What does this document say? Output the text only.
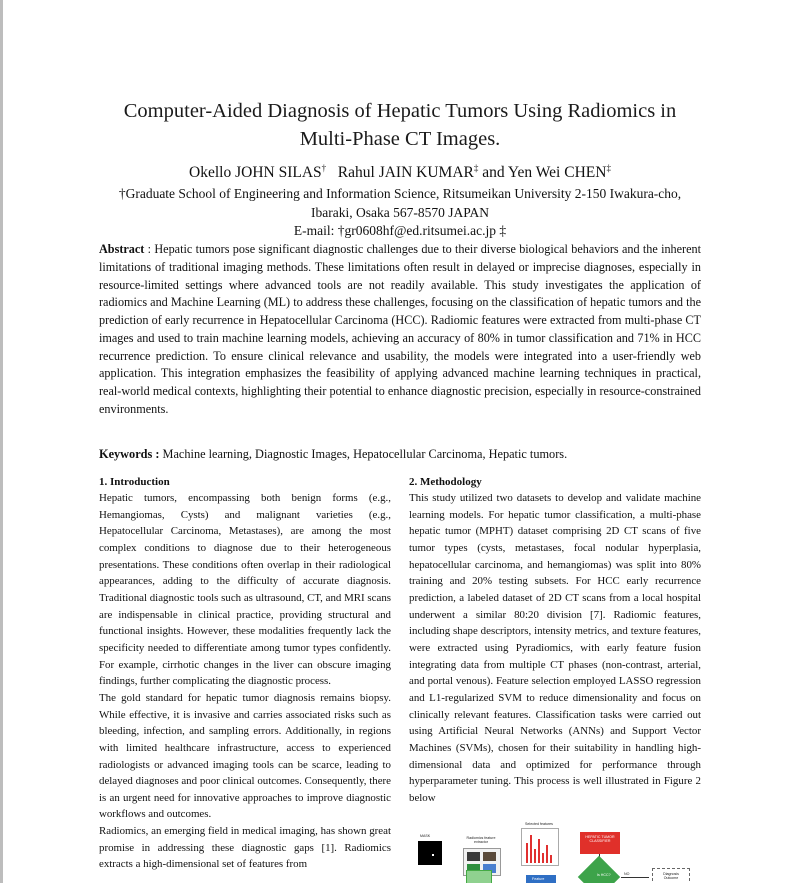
Computer-Aided Diagnosis of Hepatic Tumors Using Radiomics in
Multi-Phase CT Images.
Okello JOHN SILAS† Rahul JAIN KUMAR‡ and Yen Wei CHEN‡
†Graduate School of Engineering and Information Science, Ritsumeikan University 2-150 Iwakura-cho,
Ibaraki, Osaka 567-8570 JAPAN
E-mail: †gr0608hf@ed.ritsumei.ac.jp ‡
Abstract : Hepatic tumors pose significant diagnostic challenges due to their diverse biological behaviors and the inherent limitations of traditional imaging methods. These limitations often result in delayed or imprecise diagnoses, especially in resource-limited settings where advanced tools are not readily available. This study investigates the application of radiomics and Machine Learning (ML) to address these challenges, focusing on the classification of hepatic tumors and the prediction of early recurrence in Hepatocellular Carcinoma (HCC). Radiomic features were extracted from multi-phase CT images and used to train machine learning models, achieving an accuracy of 80% in tumor classification and 71% in HCC recurrence prediction. To ensure clinical relevance and usability, the models were integrated into a user-friendly web application. This integration emphasizes the feasibility of applying advanced machine learning techniques in practical, real-world medical contexts, highlighting their potential to enhance diagnostic precision, especially in resource-constrained environments.
Keywords : Machine learning, Diagnostic Images, Hepatocellular Carcinoma, Hepatic tumors.
1. Introduction

Hepatic tumors, encompassing both benign forms (e.g., Hemangiomas, Cysts) and malignant varieties (e.g., Hepatocellular Carcinoma, Metastases), are among the most complex conditions to diagnose due to their heterogeneous presentations. These conditions often overlap in their radiological appearances, adding to the difficulty of accurate diagnosis. Traditional diagnostic tools such as ultrasound, CT, and MRI scans are indispensable in clinical practice, providing structural and functional insights. However, these modalities frequently lack the specificity needed to differentiate among tumor types confidently. For example, cirrhotic changes in the liver can obscure imaging findings, further complicating the diagnostic process.

The gold standard for hepatic tumor diagnosis remains biopsy. While effective, it is invasive and carries associated risks such as bleeding, infection, and sampling errors. Additionally, in regions with limited healthcare infrastructure, access to experienced radiologists or advanced imaging tools can be scarce, leading to delayed diagnoses and poor clinical outcomes. Consequently, there is an urgent need for innovative approaches to improve diagnostic workflows and outcomes.

Radiomics, an emerging field in medical imaging, has shown great promise in addressing these diagnostic gaps [1]. Radiomics extracts a high-dimensional set of features from

2. Methodology

This study utilized two datasets to develop and validate machine learning models. For hepatic tumor classification, a multi-phase hepatic tumor (MPHT) dataset comprising 2D CT scans of five tumor types (cysts, metastases, focal nodular hyperplasia, hepatocellular carcinoma, and hemangiomas) was split into 80% training and 20% testing subsets. For HCC early recurrence prediction, a labeled dataset of 2D CT scans from a local hospital underwent a similar 80:20 division [7]. Radiomic features, including shape descriptors, intensity metrics, and texture features, were extracted using Pyradiomics, with early feature fusion integrating data from multiple CT phases (non-contrast, arterial, and portal venous). Feature selection employed LASSO regression and L1-regularized SVM to reduce dimensionality and focus on clinically relevant features. Classification tasks were carried out using Artificial Neural Networks (ANNs) and Support Vector Machines (SVMs), chosen for their suitability in handling high-dimensional data and optimized for performance through hyperparameter tuning. This process is well illustrated in Figure 2 below

MASK	Radiomics feature extractor
Selected features
Feature
HEPATIC TUMOR CLASSIFIER
Is HCC?	NO	Diagnosis Outcome
